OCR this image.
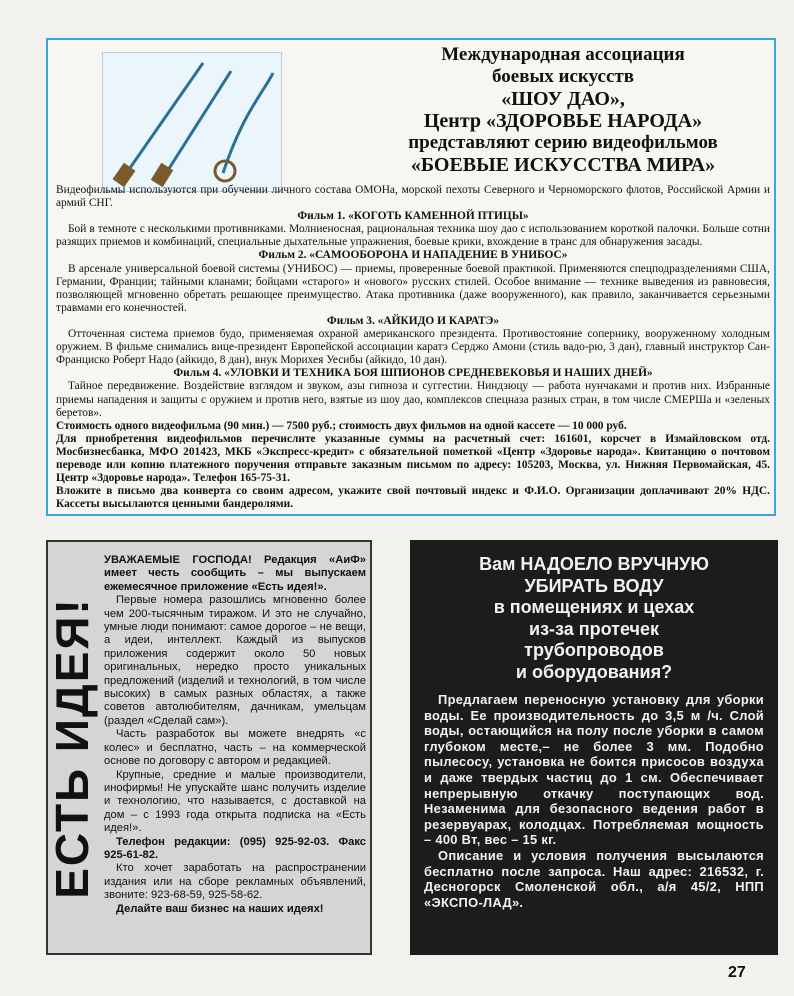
Международная ассоциация
боевых искусств
«ШОУ ДАО»,
Центр «ЗДОРОВЬЕ НАРОДА»
представляют серию видеофильмов
«БОЕВЫЕ ИСКУССТВА МИРА»

Видеофильмы используются при обучении личного состава ОМОНа, морской пехоты Северного и Черноморского флотов, Российской Армии и армий СНГ.

Фильм 1. «КОГОТЬ КАМЕННОЙ ПТИЦЫ»

Бой в темноте с несколькими противниками. Молниеносная, рациональная техника шоу дао с использованием короткой палочки. Больше сотни разящих приемов и комбинаций, специальные дыхательные упражнения, боевые крики, вхождение в транс для обнаружения засады.

Фильм 2. «САМООБОРОНА И НАПАДЕНИЕ В УНИБОС»

В арсенале универсальной боевой системы (УНИБОС) — приемы, проверенные боевой практикой. Применяются спецподразделениями США, Германии, Франции; тайными кланами; бойцами «старого» и «нового» русских стилей. Особое внимание — технике выведения из равновесия, позволяющей мгновенно обретать решающее преимущество. Атака противника (даже вооруженного), как правило, заканчивается серьезными травмами его конечностей.

Фильм 3. «АЙКИДО И КАРАТЭ»

Отточенная система приемов будо, применяемая охраной американского президента. Противостояние сопернику, вооруженному холодным оружием. В фильме снимались вице-президент Европейской ассоциации каратэ Серджо Амони (стиль вадо-рю, 3 дан), главный инструктор Сан-Франциско Роберт Надо (айкидо, 8 дан), внук Морихея Уесибы (айкидо, 10 дан).

Фильм 4. «УЛОВКИ И ТЕХНИКА БОЯ ШПИОНОВ СРЕДНЕВЕКОВЬЯ И НАШИХ ДНЕЙ»

Тайное передвижение. Воздействие взглядом и звуком, азы гипноза и суггестии. Ниндзюцу — работа нунчаками и против них. Избранные приемы нападения и защиты с оружием и против него, взятые из шоу дао, комплексов спецназа разных стран, в том числе СМЕРШа и «зеленых беретов».

Стоимость одного видеофильма (90 мин.) — 7500 руб.; стоимость двух фильмов на одной кассете — 10 000 руб.

Для приобретения видеофильмов перечислите указанные суммы на расчетный счет: 161601, корсчет в Измайловском отд. Мосбизнесбанка, МФО 201423, МКБ «Экспресс-кредит» с обязательной пометкой «Центр «Здоровье народа». Квитанцию о почтовом переводе или копию платежного поручения отправьте заказным письмом по адресу: 105203, Москва, ул. Нижняя Первомайская, 45. Центр «Здоровье народа». Телефон 165-75-31.

Вложите в письмо два конверта со своим адресом, укажите свой почтовый индекс и Ф.И.О. Организации доплачивают 20% НДС. Кассеты высылаются ценными бандеролями.

ЕСТЬ ИДЕЯ!

УВАЖАЕМЫЕ ГОСПОДА! Редакция «АиФ» имеет честь сообщить – мы выпускаем ежемесячное приложение «Есть идея!».

Первые номера разошлись мгновенно более чем 200-тысячным тиражом. И это не случайно, умные люди понимают: самое дорогое – не вещи, а идеи, интеллект. Каждый из выпусков приложения содержит около 50 новых оригинальных, нередко просто уникальных предложений (изделий и технологий, в том числе высоких) в самых разных областях, а также советов автолюбителям, дачникам, умельцам (раздел «Сделай сам»).

Часть разработок вы можете внедрять «с колес» и бесплатно, часть – на коммерческой основе по договору с автором и редакцией.

Крупные, средние и малые производители, инофирмы! Не упускайте шанс получить изделие и технологию, что называется, с доставкой на дом – с 1993 года открыта подписка на «Есть идея!».

Телефон редакции: (095) 925-92-03. Факс 925-61-82.

Кто хочет заработать на распространении издания или на сборе рекламных объявлений, звоните: 923-68-59, 925-58-62.

Делайте ваш бизнес на наших идеях!

Вам НАДОЕЛО ВРУЧНУЮ
УБИРАТЬ ВОДУ
в помещениях и цехах
из-за протечек
трубопроводов
и оборудования?

Предлагаем переносную установку для уборки воды. Ее производительность до 3,5 м /ч. Слой воды, остающийся на полу после уборки в самом глубоком месте,– не более 3 мм. Подобно пылесосу, установка не боится присосов воздуха и даже твердых частиц до 1 см. Обеспечивает непрерывную откачку поступающих вод. Незаменима для безопасного ведения работ в резервуарах, колодцах. Потребляемая мощность – 400 Вт, вес – 15 кг.

Описание и условия получения высылаются бесплатно после запроса. Наш адрес: 216532, г. Десногорск Смоленской обл., а/я 45/2, НПП «ЭКСПО-ЛАД».

27
